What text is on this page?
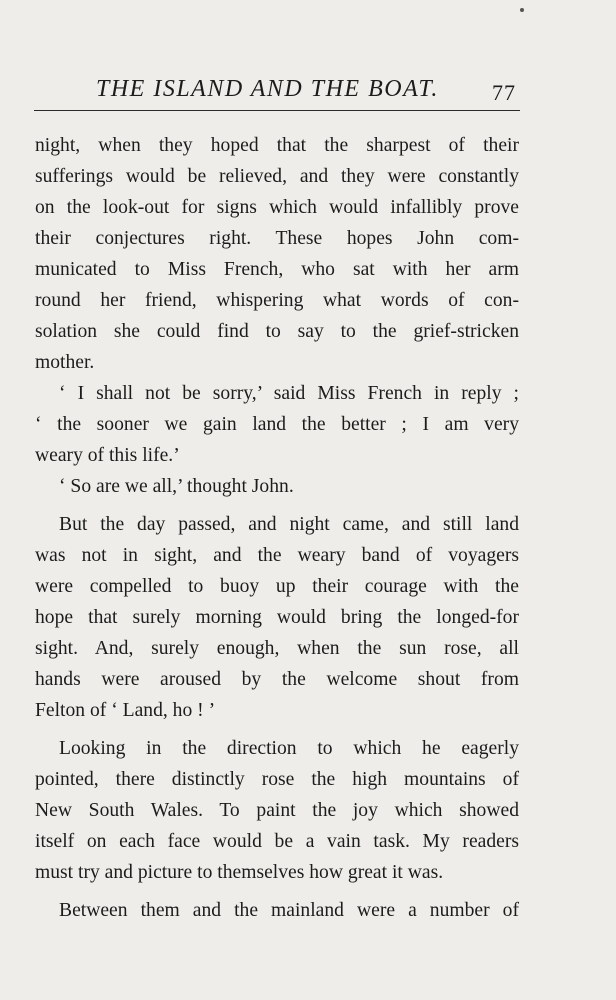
THE ISLAND AND THE BOAT. 77
night, when they hoped that the sharpest of their
sufferings would be relieved, and they were constantly
on the look-out for signs which would infallibly prove
their conjectures right. These hopes John com-
municated to Miss French, who sat with her arm
round her friend, whispering what words of con-
solation she could find to say to the grief-stricken
mother.
‘ I shall not be sorry,’ said Miss French in reply ;
‘ the sooner we gain land the better ; I am very
weary of this life.’
‘ So are we all,’ thought John.
But the day passed, and night came, and still land
was not in sight, and the weary band of voyagers
were compelled to buoy up their courage with the
hope that surely morning would bring the longed-for
sight. And, surely enough, when the sun rose, all
hands were aroused by the welcome shout from
Felton of ‘ Land, ho ! ’
Looking in the direction to which he eagerly
pointed, there distinctly rose the high mountains of
New South Wales. To paint the joy which showed
itself on each face would be a vain task. My readers
must try and picture to themselves how great it was.
Between them and the mainland were a number of
